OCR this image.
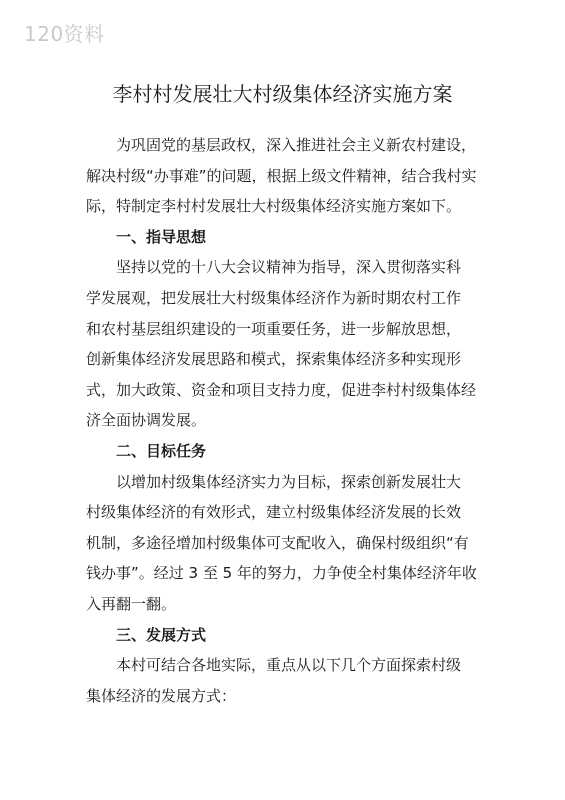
120资料
李村村发展壮大村级集体经济实施方案
为巩固党的基层政权，深入推进社会主义新农村建设，
解决村级“办事难”的问题，根据上级文件精神，结合我村实
际，特制定李村村发展壮大村级集体经济实施方案如下。
一、指导思想
坚持以党的十八大会议精神为指导，深入贯彻落实科
学发展观，把发展壮大村级集体经济作为新时期农村工作
和农村基层组织建设的一项重要任务，进一步解放思想，
创新集体经济发展思路和模式，探索集体经济多种实现形
式，加大政策、资金和项目支持力度，促进李村村级集体经
济全面协调发展。
二、目标任务
以增加村级集体经济实力为目标，探索创新发展壮大
村级集体经济的有效形式，建立村级集体经济发展的长效
机制，多途径增加村级集体可支配收入，确保村级组织“有
钱办事”。经过 3 至 5 年的努力，力争使全村集体经济年收
入再翻一翻。
三、发展方式
本村可结合各地实际，重点从以下几个方面探索村级
集体经济的发展方式：
